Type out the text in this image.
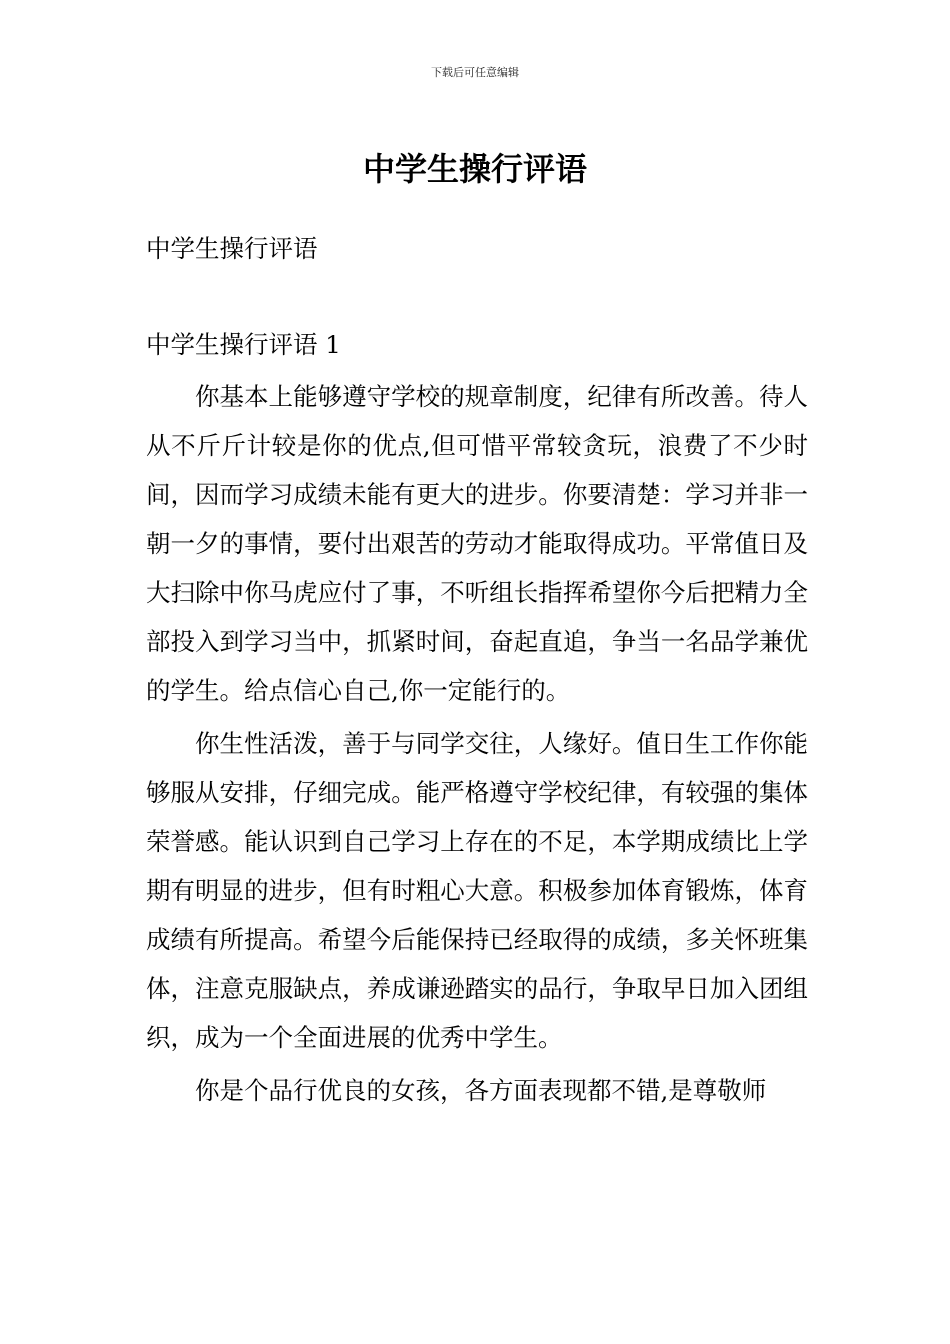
下载后可任意编辑
中学生操行评语

中学生操行评语

中学生操行评语 1

你基本上能够遵守学校的规章制度，纪律有所改善。待人从不斤斤计较是你的优点,但可惜平常较贪玩，浪费了不少时间，因而学习成绩未能有更大的进步。你要清楚：学习并非一朝一夕的事情，要付出艰苦的劳动才能取得成功。平常值日及大扫除中你马虎应付了事，不听组长指挥希望你今后把精力全部投入到学习当中，抓紧时间，奋起直追，争当一名品学兼优的学生。给点信心自己,你一定能行的。

你生性活泼，善于与同学交往，人缘好。值日生工作你能够服从安排，仔细完成。能严格遵守学校纪律，有较强的集体荣誉感。能认识到自己学习上存在的不足，本学期成绩比上学期有明显的进步，但有时粗心大意。积极参加体育锻炼，体育成绩有所提高。希望今后能保持已经取得的成绩，多关怀班集体，注意克服缺点，养成谦逊踏实的品行，争取早日加入团组织，成为一个全面进展的优秀中学生。

你是个品行优良的女孩，各方面表现都不错,是尊敬师
